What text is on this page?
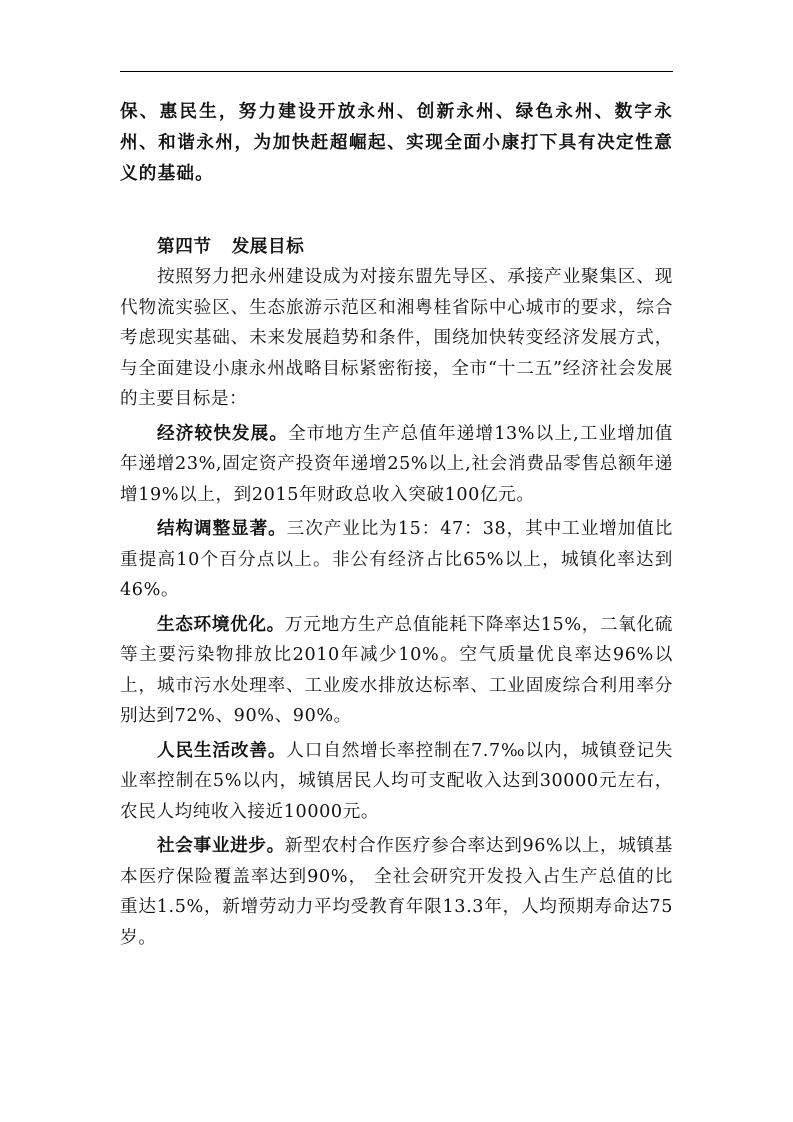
保、惠民生，努力建设开放永州、创新永州、绿色永州、数字永州、和谐永州，为加快赶超崛起、实现全面小康打下具有决定性意义的基础。

第四节 发展目标

按照努力把永州建设成为对接东盟先导区、承接产业聚集区、现代物流实验区、生态旅游示范区和湘粤桂省际中心城市的要求，综合考虑现实基础、未来发展趋势和条件，围绕加快转变经济发展方式，与全面建设小康永州战略目标紧密衔接，全市“十二五”经济社会发展的主要目标是：

经济较快发展。全市地方生产总值年递增13%以上,工业增加值年递增23%,固定资产投资年递增25%以上,社会消费品零售总额年递增19%以上，到2015年财政总收入突破100亿元。

结构调整显著。三次产业比为15：47：38，其中工业增加值比重提高10个百分点以上。非公有经济占比65%以上，城镇化率达到46%。

生态环境优化。万元地方生产总值能耗下降率达15%，二氧化硫等主要污染物排放比2010年减少10%。空气质量优良率达96%以上，城市污水处理率、工业废水排放达标率、工业固废综合利用率分别达到72%、90%、90%。

人民生活改善。人口自然增长率控制在7.7‰以内，城镇登记失业率控制在5%以内，城镇居民人均可支配收入达到30000元左右，农民人均纯收入接近10000元。

社会事业进步。新型农村合作医疗参合率达到96%以上，城镇基本医疗保险覆盖率达到90%， 全社会研究开发投入占生产总值的比重达1.5%，新增劳动力平均受教育年限13.3年，人均预期寿命达75岁。
